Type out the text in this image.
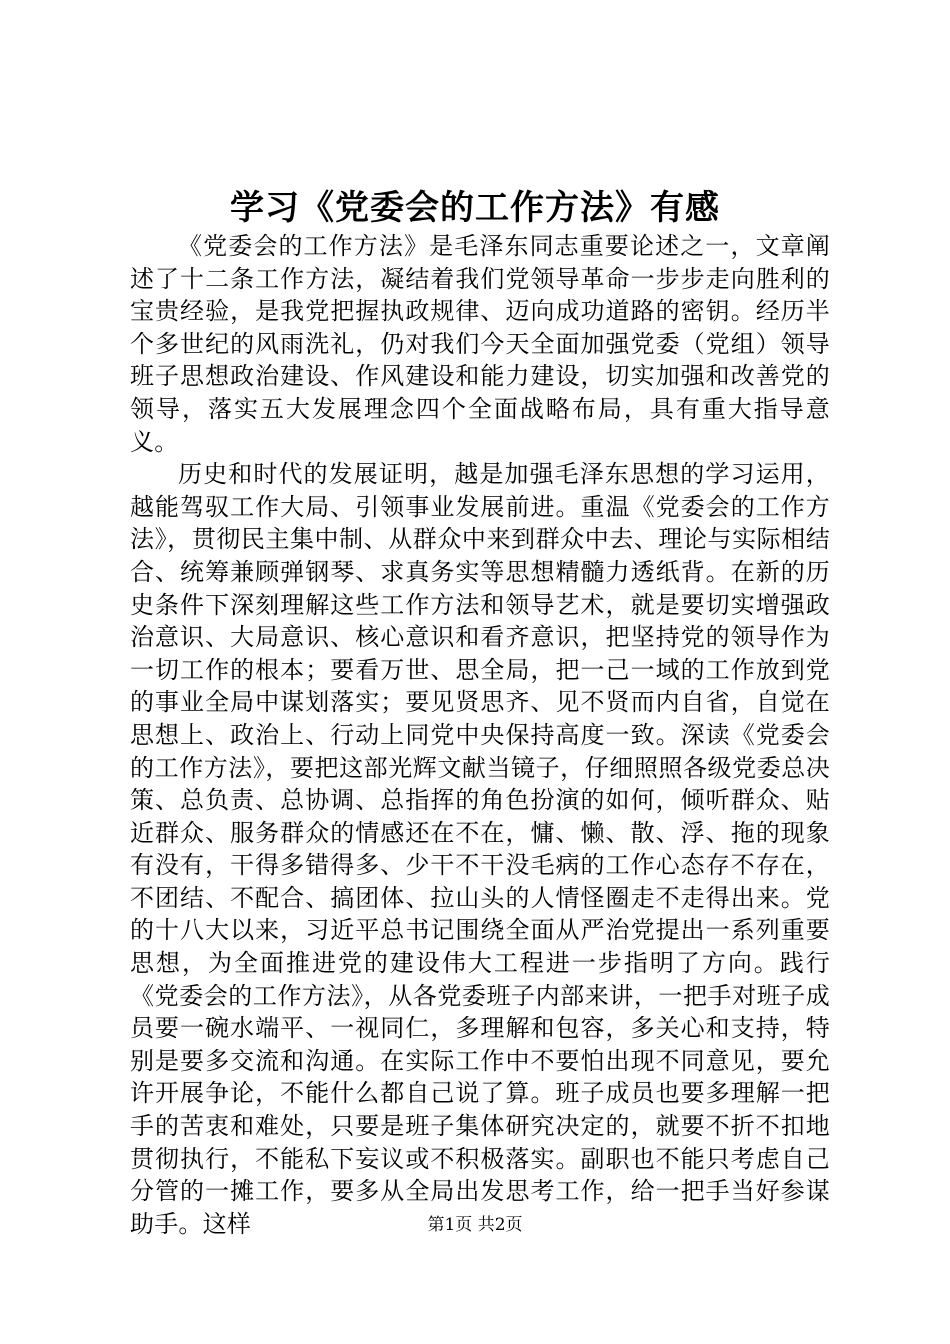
学习《党委会的工作方法》有感

《党委会的工作方法》是毛泽东同志重要论述之一，文章阐述了十二条工作方法，凝结着我们党领导革命一步步走向胜利的宝贵经验，是我党把握执政规律、迈向成功道路的密钥。经历半个多世纪的风雨洗礼，仍对我们今天全面加强党委（党组）领导班子思想政治建设、作风建设和能力建设，切实加强和改善党的领导，落实五大发展理念四个全面战略布局，具有重大指导意义。

历史和时代的发展证明，越是加强毛泽东思想的学习运用，越能驾驭工作大局、引领事业发展前进。重温《党委会的工作方法》，贯彻民主集中制、从群众中来到群众中去、理论与实际相结合、统筹兼顾弹钢琴、求真务实等思想精髓力透纸背。在新的历史条件下深刻理解这些工作方法和领导艺术，就是要切实增强政治意识、大局意识、核心意识和看齐意识，把坚持党的领导作为一切工作的根本；要看万世、思全局，把一己一域的工作放到党的事业全局中谋划落实；要见贤思齐、见不贤而内自省，自觉在思想上、政治上、行动上同党中央保持高度一致。深读《党委会的工作方法》，要把这部光辉文献当镜子，仔细照照各级党委总决策、总负责、总协调、总指挥的角色扮演的如何，倾听群众、贴近群众、服务群众的情感还在不在，慵、懒、散、浮、拖的现象有没有，干得多错得多、少干不干没毛病的工作心态存不存在，不团结、不配合、搞团体、拉山头的人情怪圈走不走得出来。党的十八大以来，习近平总书记围绕全面从严治党提出一系列重要思想，为全面推进党的建设伟大工程进一步指明了方向。践行《党委会的工作方法》，从各党委班子内部来讲，一把手对班子成员要一碗水端平、一视同仁，多理解和包容，多关心和支持，特别是要多交流和沟通。在实际工作中不要怕出现不同意见，要允许开展争论，不能什么都自己说了算。班子成员也要多理解一把手的苦衷和难处，只要是班子集体研究决定的，就要不折不扣地贯彻执行，不能私下妄议或不积极落实。副职也不能只考虑自己分管的一摊工作，要多从全局出发思考工作，给一把手当好参谋助手。这样	第1页 共2页
